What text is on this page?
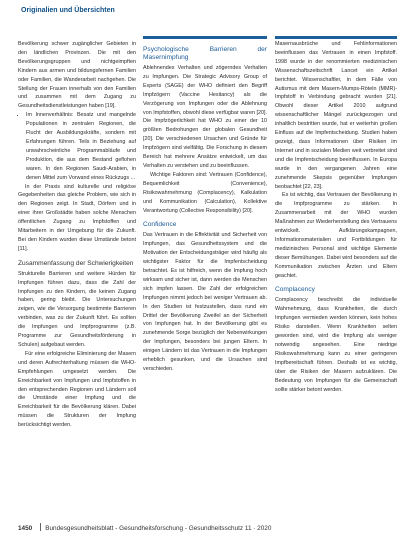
Originalien und Übersichten

Bevölkerung schwer zugänglicher Gebieten in den ländlichen Provinzen. Die mit den Bevölkerungsgruppen und nichtgeimpften Kindern aus armen und bildungsfernen Familien oder Familien, die Wanderarbeit nachgehen. Die Stellung der Frauen innerhalb von den Familien und zusammen mit dem Zugang zu Gesundheitsdienstleistungen haben [19].

• Im Innenverhältnis: Besatz und mangelnde Populationen in zentralen Regionen, die Flucht der Ausbildungskräfte, sondern mit Erfahrungen führen. Teils in Beziehung auf unwahrscheinliche Programmabläufe und Produktion, die aus dem Bestand geflohen waren. In den Regionen Saudi-Arabien, in denen Mittel zum Vorwand eines Rückzugs ...

In der Praxis sind kulturelle und religiöse Gegebenheiten das gleiche Problem, wie sich in den Regionen zeigt. In Stadt, Dörfern und in einer ihrer Großstädte haben solche Menschen öffentlichen Zugang zu Impfstoffen und Mitarbeitern in der Umgebung für die Zukunft. Bei den Kindern wurden diese Umstände betont [11].

Zusammenfassung der Schwierigkeiten

Strukturelle Barrieren und weitere Hürden für Impfungen führen dazu, dass die Zahl der Impfungen zu den Kindern, die keinen Zugang haben, gering bleibt. Die Untersuchungen zeigen, wie die Versorgung bestimmte Barrieren verbinden, was zu der Zukunft führt. Es sollten die Impfungen und Impfprogramme (z.B. Programme zur Gesundheitsförderung in Schulen) aufgebaut werden.

Für eine erfolgreiche Eliminierung der Masern und deren Aufrechterhaltung müssen die WHO-Empfehlungen umgesetzt werden. Die Erreichbarkeit von Impfungen und Impfstoffen in den entsprechenden Regionen und Ländern soll die Umstände einer Impfung und die Erreichbarkeit für die Bevölkerung klären. Dabei müssen die Strukturen der Impfung berücksichtigt werden.

Psychologische Barrieren der Masernimpfung

Ablehnendes Verhalten und zögerndes Verhalten zu Impfungen. Die Strategic Advisory Group of Experts (SAGE) der WHO definiert den Begriff Impfzögern (Vaccine Hesitancy) als die Verzögerung von Impfungen oder die Ablehnung von Impfstoffen, obwohl diese verfügbar waren [20]. Die Impfzögerlichkeit hat WHO zu einer der 10 größten Bedrohungen der globalen Gesundheit [20]. Die verschiedenen Ursachen und Gründe für Impfzögern sind vielfältig. Die Forschung in diesem Bereich hat mehrere Ansätze entwickelt, um das Verhalten zu verstehen und zu beeinflussen.

Wichtige Faktoren sind: Vertrauen (Confidence), Bequemlichkeit (Convenience), Risikowahrnehmung (Complacency), Kalkulation und Kommunikation (Calculation), Kollektive Verantwortung (Collective Responsibility) [20].

Confidence

Das Vertrauen in die Effektivität und Sicherheit von Impfungen, das Gesundheitssystem und die Motivation der Entscheidungsträger wird häufig als wichtigster Faktor für die Impfentscheidung betrachtet. Es ist hilfreich, wenn die Impfung hoch wirksam und sicher ist, dann werden die Menschen sich impfen lassen. Die Zahl der erfolgreichen Impfungen nimmt jedoch bei weniger Vertrauen ab. In den Studien ist festzustellen, dass rund ein Drittel der Bevölkerung Zweifel an der Sicherheit von Impfungen hat. In der Bevölkerung gibt es zunehmende Sorge bezüglich der Nebenwirkungen der Impfungen, besonders bei jungen Eltern. In einigen Ländern ist das Vertrauen in die Impfungen erheblich gesunken, und die Ursachen sind verschieden.

Masernausbrüche und Fehlinformationen beeinflussen das Vertrauen in einen Impfstoff. 1998 wurde in der renommierten medizinischen Wissenschaftszeitschrift Lancet ein Artikel berichtet. Wissenschaftler, in dem Fälle von Autismus mit dem Masern-Mumps-Röteln (MMR)-Impfstoff in Verbindung gebracht wurden [21]. Obwohl dieser Artikel 2010 aufgrund wissenschaftlicher Mängel zurückgezogen und inhaltlich bestritten wurde, hat er weiterhin großen Einfluss auf die Impfentscheidung. Studien haben gezeigt, dass Informationen über Risiken im Internet und in sozialen Medien weit verbreitet sind und die Impfentscheidung beeinflussen. In Europa wurde in den vergangenen Jahren eine zunehmende Skepsis gegenüber Impfungen beobachtet [22, 23].

Es ist wichtig, das Vertrauen der Bevölkerung in die Impfprogramme zu stärken. In Zusammenarbeit mit der WHO wurden Maßnahmen zur Wiederherstellung des Vertrauens entwickelt. Aufklärungskampagnen, Informationsmaterialien und Fortbildungen für medizinisches Personal sind wichtige Elemente dieser Bemühungen. Dabei wird besonders auf die Kommunikation zwischen Ärzten und Eltern geachtet.

Complacency

Complacency beschreibt die individuelle Wahrnehmung, dass Krankheiten, die durch Impfungen vermieden werden können, kein hohes Risiko darstellen. Wenn Krankheiten selten geworden sind, wird die Impfung als weniger notwendig angesehen. Eine niedrige Risikowahrnehmung kann zu einer geringeren Impfbereitschaft führen. Deshalb ist es wichtig, über die Risiken der Masern aufzuklären. Die Bedeutung von Impfungen für die Gemeinschaft sollte stärker betont werden.

1450 Bundesgesundheitsblatt - Gesundheitsforschung - Gesundheitsschutz 11 · 2020
